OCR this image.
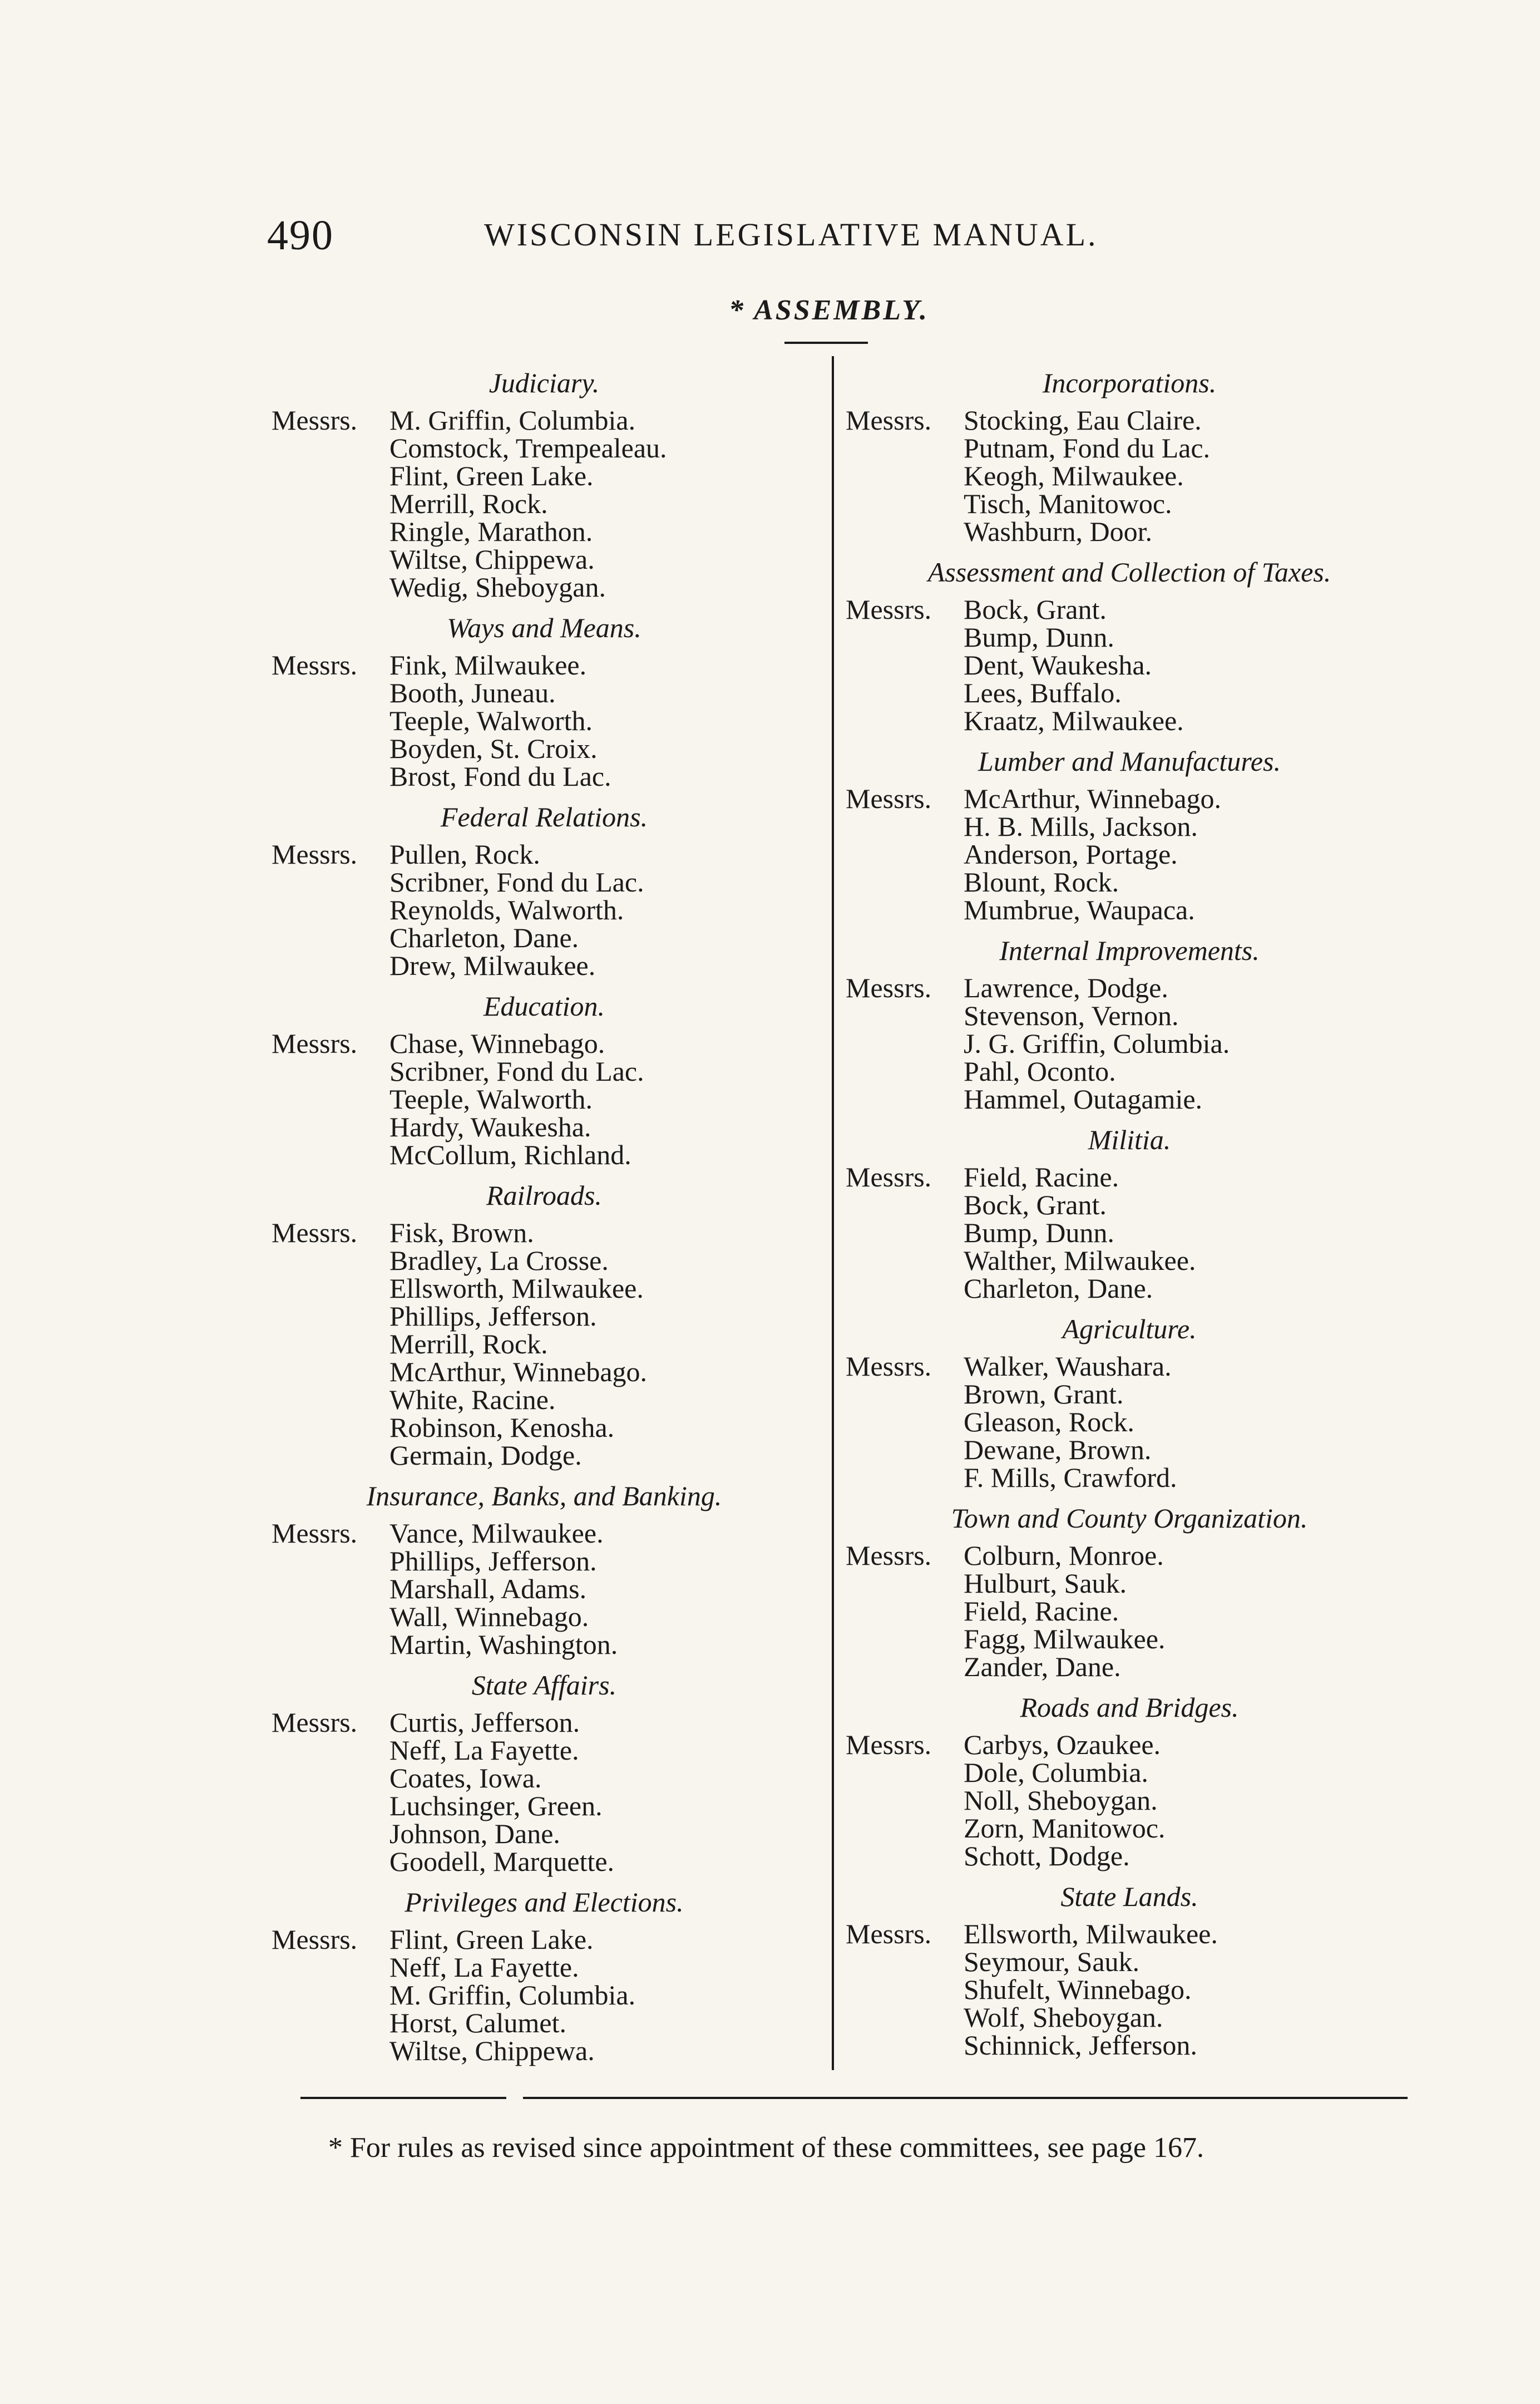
490	WISCONSIN LEGISLATIVE MANUAL.
* ASSEMBLY.
Judiciary.
Messrs. M. Griffin, Columbia.
Comstock, Trempealeau.
Flint, Green Lake.
Merrill, Rock.
Ringle, Marathon.
Wiltse, Chippewa.
Wedig, Sheboygan.
Ways and Means.
Messrs. Fink, Milwaukee.
Booth, Juneau.
Teeple, Walworth.
Boyden, St. Croix.
Brost, Fond du Lac.
Federal Relations.
Messrs. Pullen, Rock.
Scribner, Fond du Lac.
Reynolds, Walworth.
Charleton, Dane.
Drew, Milwaukee.
Education.
Messrs. Chase, Winnebago.
Scribner, Fond du Lac.
Teeple, Walworth.
Hardy, Waukesha.
McCollum, Richland.
Railroads.
Messrs. Fisk, Brown.
Bradley, La Crosse.
Ellsworth, Milwaukee.
Phillips, Jefferson.
Merrill, Rock.
McArthur, Winnebago.
White, Racine.
Robinson, Kenosha.
Germain, Dodge.
Insurance, Banks, and Banking.
Messrs. Vance, Milwaukee.
Phillips, Jefferson.
Marshall, Adams.
Wall, Winnebago.
Martin, Washington.
State Affairs.
Messrs. Curtis, Jefferson.
Neff, La Fayette.
Coates, Iowa.
Luchsinger, Green.
Johnson, Dane.
Goodell, Marquette.
Privileges and Elections.
Messrs. Flint, Green Lake.
Neff, La Fayette.
M. Griffin, Columbia.
Horst, Calumet.
Wiltse, Chippewa.
Incorporations.
Messrs. Stocking, Eau Claire.
Putnam, Fond du Lac.
Keogh, Milwaukee.
Tisch, Manitowoc.
Washburn, Door.
Assessment and Collection of Taxes.
Messrs. Bock, Grant.
Bump, Dunn.
Dent, Waukesha.
Lees, Buffalo.
Kraatz, Milwaukee.
Lumber and Manufactures.
Messrs. McArthur, Winnebago.
H. B. Mills, Jackson.
Anderson, Portage.
Blount, Rock.
Mumbrue, Waupaca.
Internal Improvements.
Messrs. Lawrence, Dodge.
Stevenson, Vernon.
J. G. Griffin, Columbia.
Pahl, Oconto.
Hammel, Outagamie.
Militia.
Messrs. Field, Racine.
Bock, Grant.
Bump, Dunn.
Walther, Milwaukee.
Charleton, Dane.
Agriculture.
Messrs. Walker, Waushara.
Brown, Grant.
Gleason, Rock.
Dewane, Brown.
F. Mills, Crawford.
Town and County Organization.
Messrs. Colburn, Monroe.
Hulburt, Sauk.
Field, Racine.
Fagg, Milwaukee.
Zander, Dane.
Roads and Bridges.
Messrs. Carbys, Ozaukee.
Dole, Columbia.
Noll, Sheboygan.
Zorn, Manitowoc.
Schott, Dodge.
State Lands.
Messrs. Ellsworth, Milwaukee.
Seymour, Sauk.
Shufelt, Winnebago.
Wolf, Sheboygan.
Schinnick, Jefferson.
* For rules as revised since appointment of these committees, see page 167.
